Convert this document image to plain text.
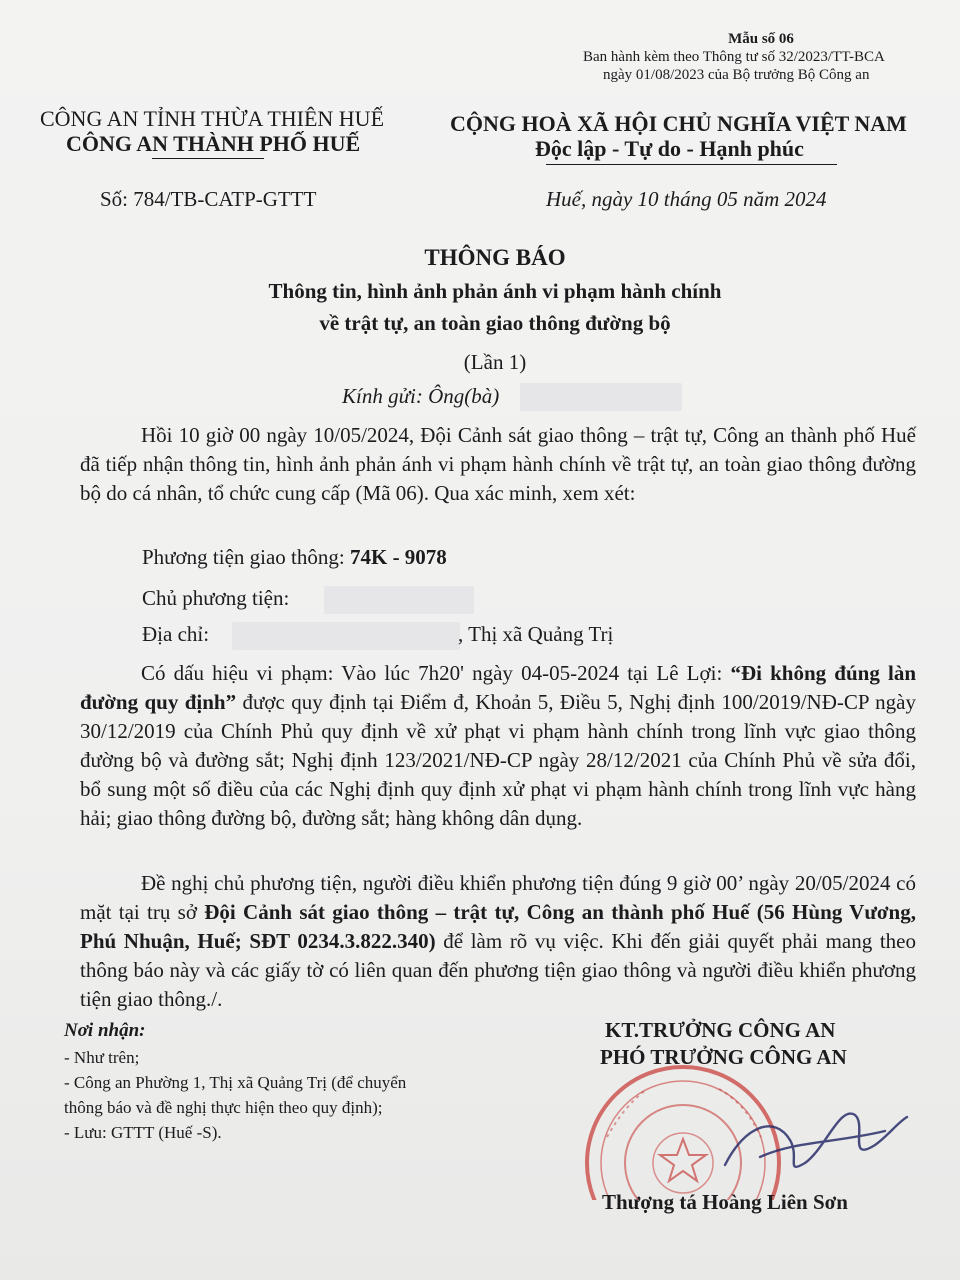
Mẫu số 06
Ban hành kèm theo Thông tư số 32/2023/TT-BCA
ngày 01/08/2023 của Bộ trưởng Bộ Công an
CÔNG AN TỈNH THỪA THIÊN HUẾ
CÔNG AN THÀNH PHỐ HUẾ
Số: 784/TB-CATP-GTTT
CỘNG HOÀ XÃ HỘI CHỦ NGHĨA VIỆT NAM
Độc lập - Tự do - Hạnh phúc
Huế, ngày 10 tháng 05 năm 2024
THÔNG BÁO
Thông tin, hình ảnh phản ánh vi phạm hành chính
về trật tự, an toàn giao thông đường bộ
(Lần 1)
Kính gửi: Ông(bà)
Hồi 10 giờ 00 ngày 10/05/2024, Đội Cảnh sát giao thông – trật tự, Công an thành phố Huế đã tiếp nhận thông tin, hình ảnh phản ánh vi phạm hành chính về trật tự, an toàn giao thông đường bộ do cá nhân, tổ chức cung cấp (Mã 06). Qua xác minh, xem xét:
Phương tiện giao thông: 74K - 9078
Chủ phương tiện:
Địa chỉ:	, Thị xã Quảng Trị
Có dấu hiệu vi phạm: Vào lúc 7h20' ngày 04-05-2024 tại Lê Lợi: “Đi không đúng làn đường quy định” được quy định tại Điểm đ, Khoản 5, Điều 5, Nghị định 100/2019/NĐ-CP ngày 30/12/2019 của Chính Phủ quy định về xử phạt vi phạm hành chính trong lĩnh vực giao thông đường bộ và đường sắt; Nghị định 123/2021/NĐ-CP ngày 28/12/2021 của Chính Phủ về sửa đổi, bổ sung một số điều của các Nghị định quy định xử phạt vi phạm hành chính trong lĩnh vực hàng hải; giao thông đường bộ, đường sắt; hàng không dân dụng.
Đề nghị chủ phương tiện, người điều khiển phương tiện đúng 9 giờ 00’ ngày 20/05/2024 có mặt tại trụ sở Đội Cảnh sát giao thông – trật tự, Công an thành phố Huế (56 Hùng Vương, Phú Nhuận, Huế; SĐT 0234.3.822.340) để làm rõ vụ việc. Khi đến giải quyết phải mang theo thông báo này và các giấy tờ có liên quan đến phương tiện giao thông và người điều khiển phương tiện giao thông./.
Nơi nhận:
- Như trên;
- Công an Phường 1, Thị xã Quảng Trị (để chuyển
thông báo và đề nghị thực hiện theo quy định);
- Lưu: GTTT (Huế -S).
KT.TRƯỞNG CÔNG AN
PHÓ TRƯỞNG CÔNG AN
Thượng tá Hoàng Liên Sơn
